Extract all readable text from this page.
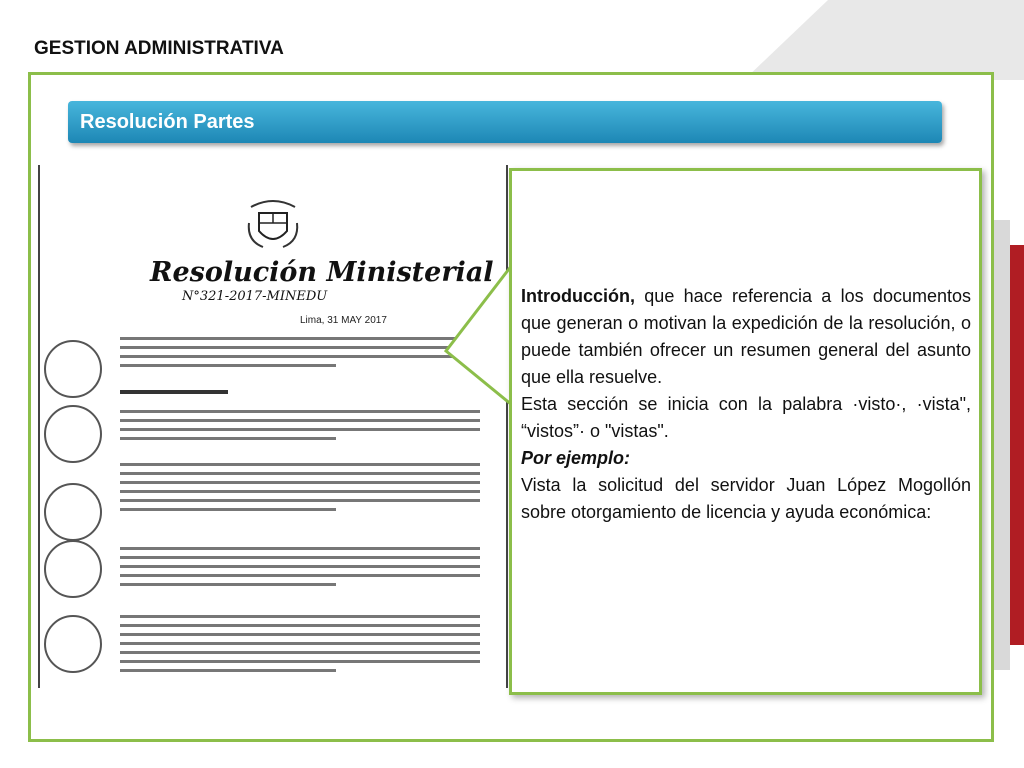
GESTION ADMINISTRATIVA
Resolución Partes
Resolución Ministerial
N°321-2017-MINEDU
Lima, 31 MAY 2017

Introducción, que hace referencia a los documentos que generan o motivan la expedición de la resolución, o puede también ofrecer un resumen general del asunto que ella resuelve.

Esta sección se inicia con la palabra ·visto·, ·vista", “vistos”· o "vistas".

Por ejemplo:

Vista la solicitud del servidor Juan López Mogollón sobre otorgamiento de licencia y ayuda económica:
